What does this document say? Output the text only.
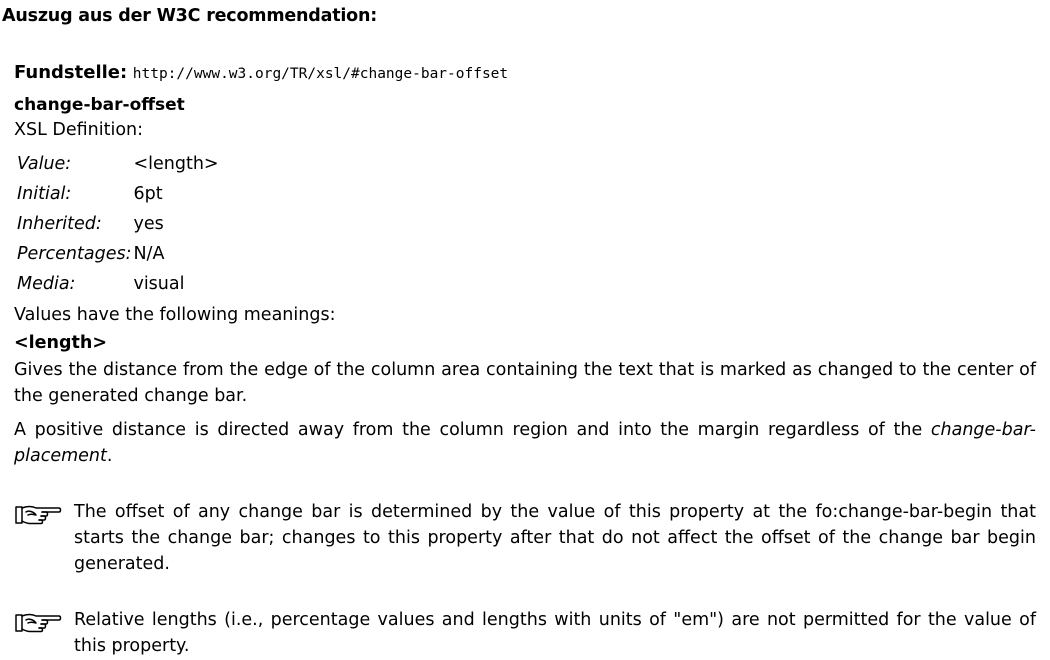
Auszug aus der W3C recommendation:
Fundstelle: http://www.w3.org/TR/xsl/#change-bar-offset
change-bar-offset
XSL Definition:
Value:	<length>
Initial:	6pt
Inherited:	yes
Percentages:	N/A
Media:	visual
Values have the following meanings:
<length>
Gives the distance from the edge of the column area containing the text that is marked as changed to the center of the generated change bar.
A positive distance is directed away from the column region and into the margin regardless of the change-bar-placement.
The offset of any change bar is determined by the value of this property at the fo:change-bar-begin that starts the change bar; changes to this property after that do not affect the offset of the change bar begin generated.
Relative lengths (i.e., percentage values and lengths with units of "em") are not permitted for the value of this property.
